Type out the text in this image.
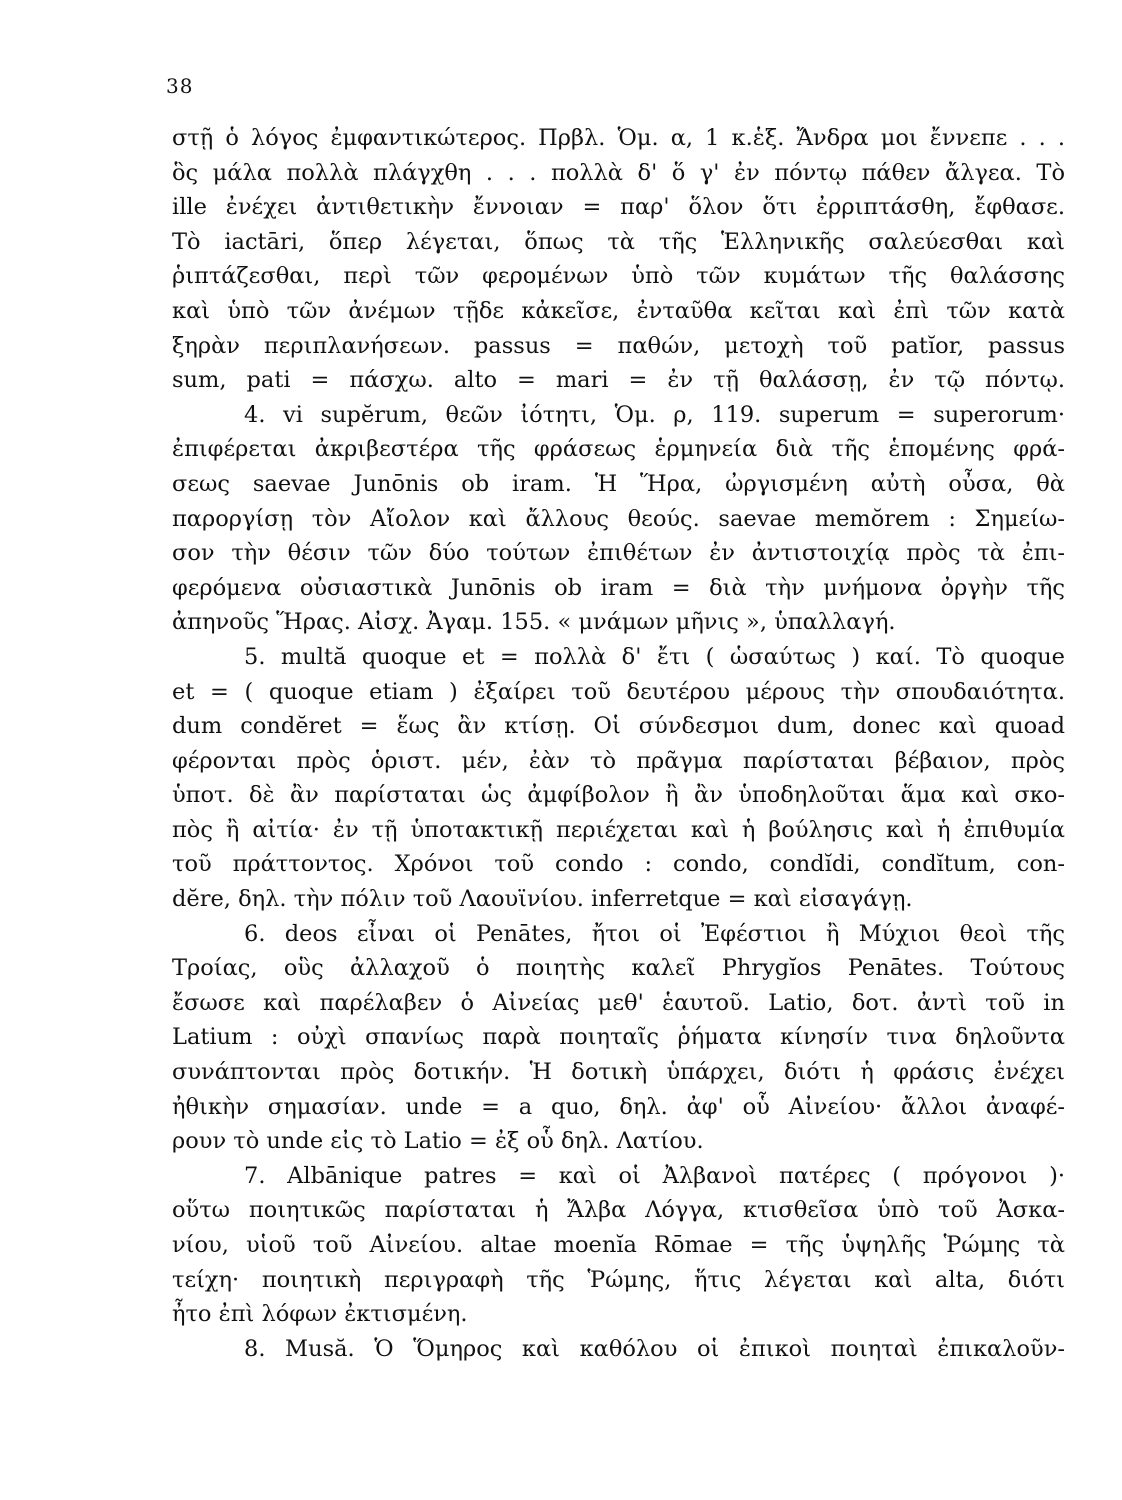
38
στῇ ὁ λόγος ἐμφαντικώτερος. Πρβλ. Ὁμ. α, 1 κ.ἑξ. Ἄνδρα μοι ἔννεπε . . .
ὃς μάλα πολλὰ πλάγχθη . . . πολλὰ δ' ὅ γ' ἐν πόντῳ πάθεν ἄλγεα. Τὸ
ille ἐνέχει ἀντιθετικὴν ἔννοιαν = παρ' ὅλον ὅτι ἐρριπτάσθη, ἔφθασε.
Τὸ iactāri, ὅπερ λέγεται, ὅπως τὰ τῆς Ἑλληνικῆς σαλεύεσθαι καὶ
ῥιπτάζεσθαι, περὶ τῶν φερομένων ὑπὸ τῶν κυμάτων τῆς θαλάσσης
καὶ ὑπὸ τῶν ἀνέμων τῇδε κἀκεῖσε, ἐνταῦθα κεῖται καὶ ἐπὶ τῶν κατὰ
ξηρὰν περιπλανήσεων. passus = παθών, μετοχὴ τοῦ patĭor, passus
sum, pati = πάσχω. alto = mari = ἐν τῇ θαλάσσῃ, ἐν τῷ πόντῳ.
4. vi supĕrum, θεῶν ἰότητι, Ὁμ. ρ, 119. superum = superorum·
ἐπιφέρεται ἀκριβεστέρα τῆς φράσεως ἑρμηνεία διὰ τῆς ἑπομένης φρά-
σεως saevae Junōnis ob iram. Ἡ Ἥρα, ὠργισμένη αὐτὴ οὖσα, θὰ
παροργίσῃ τὸν Αἴολον καὶ ἄλλους θεούς. saevae memŏrem : Σημείω-
σον τὴν θέσιν τῶν δύο τούτων ἐπιθέτων ἐν ἀντιστοιχίᾳ πρὸς τὰ ἐπι-
φερόμενα οὐσιαστικὰ Junōnis ob iram = διὰ τὴν μνήμονα ὀργὴν τῆς
ἀπηνοῦς Ἥρας. Αἰσχ. Ἀγαμ. 155. « μνάμων μῆνις », ὑπαλλαγή.
5. multă quoque et = πολλὰ δ' ἔτι ( ὡσαύτως ) καί. Τὸ quoque
et = ( quoque etiam ) ἐξαίρει τοῦ δευτέρου μέρους τὴν σπουδαιότητα.
dum condĕret = ἕως ἂν κτίσῃ. Οἱ σύνδεσμοι dum, donec καὶ quoad
φέρονται πρὸς ὁριστ. μέν, ἐὰν τὸ πρᾶγμα παρίσταται βέβαιον, πρὸς
ὑποτ. δὲ ἂν παρίσταται ὡς ἀμφίβολον ἢ ἂν ὑποδηλοῦται ἅμα καὶ σκο-
πὸς ἢ αἰτία· ἐν τῇ ὑποτακτικῇ περιέχεται καὶ ἡ βούλησις καὶ ἡ ἐπιθυμία
τοῦ πράττοντος. Χρόνοι τοῦ condo : condo, condĭdi, condĭtum, con-
dĕre, δηλ. τὴν πόλιν τοῦ Λαουϊνίου. inferretque = καὶ εἰσαγάγῃ.
6. deos εἶναι οἱ Penātes, ἤτοι οἱ Ἐφέστιοι ἢ Μύχιοι θεοὶ τῆς
Τροίας, οὓς ἀλλαχοῦ ὁ ποιητὴς καλεῖ Phrygĭos Penātes. Τούτους
ἔσωσε καὶ παρέλαβεν ὁ Αἰνείας μεθ' ἑαυτοῦ. Latio, δοτ. ἀντὶ τοῦ in
Latium : οὐχὶ σπανίως παρὰ ποιηταῖς ῥήματα κίνησίν τινα δηλοῦντα
συνάπτονται πρὸς δοτικήν. Ἡ δοτικὴ ὑπάρχει, διότι ἡ φράσις ἐνέχει
ἠθικὴν σημασίαν. unde = a quo, δηλ. ἀφ' οὗ Αἰνείου· ἄλλοι ἀναφέ-
ρουν τὸ unde εἰς τὸ Latio = ἐξ οὗ δηλ. Λατίου.
7. Albānique patres = καὶ οἱ Ἀλβανοὶ πατέρες ( πρόγονοι )·
οὕτω ποιητικῶς παρίσταται ἡ Ἄλβα Λόγγα, κτισθεῖσα ὑπὸ τοῦ Ἀσκα-
νίου, υἱοῦ τοῦ Αἰνείου. altae moenĭa Rōmae = τῆς ὑψηλῆς Ῥώμης τὰ
τείχη· ποιητικὴ περιγραφὴ τῆς Ῥώμης, ἥτις λέγεται καὶ alta, διότι
ἦτο ἐπὶ λόφων ἐκτισμένη.
8. Musă. Ὁ Ὅμηρος καὶ καθόλου οἱ ἐπικοὶ ποιηταὶ ἐπικαλοῦν-
